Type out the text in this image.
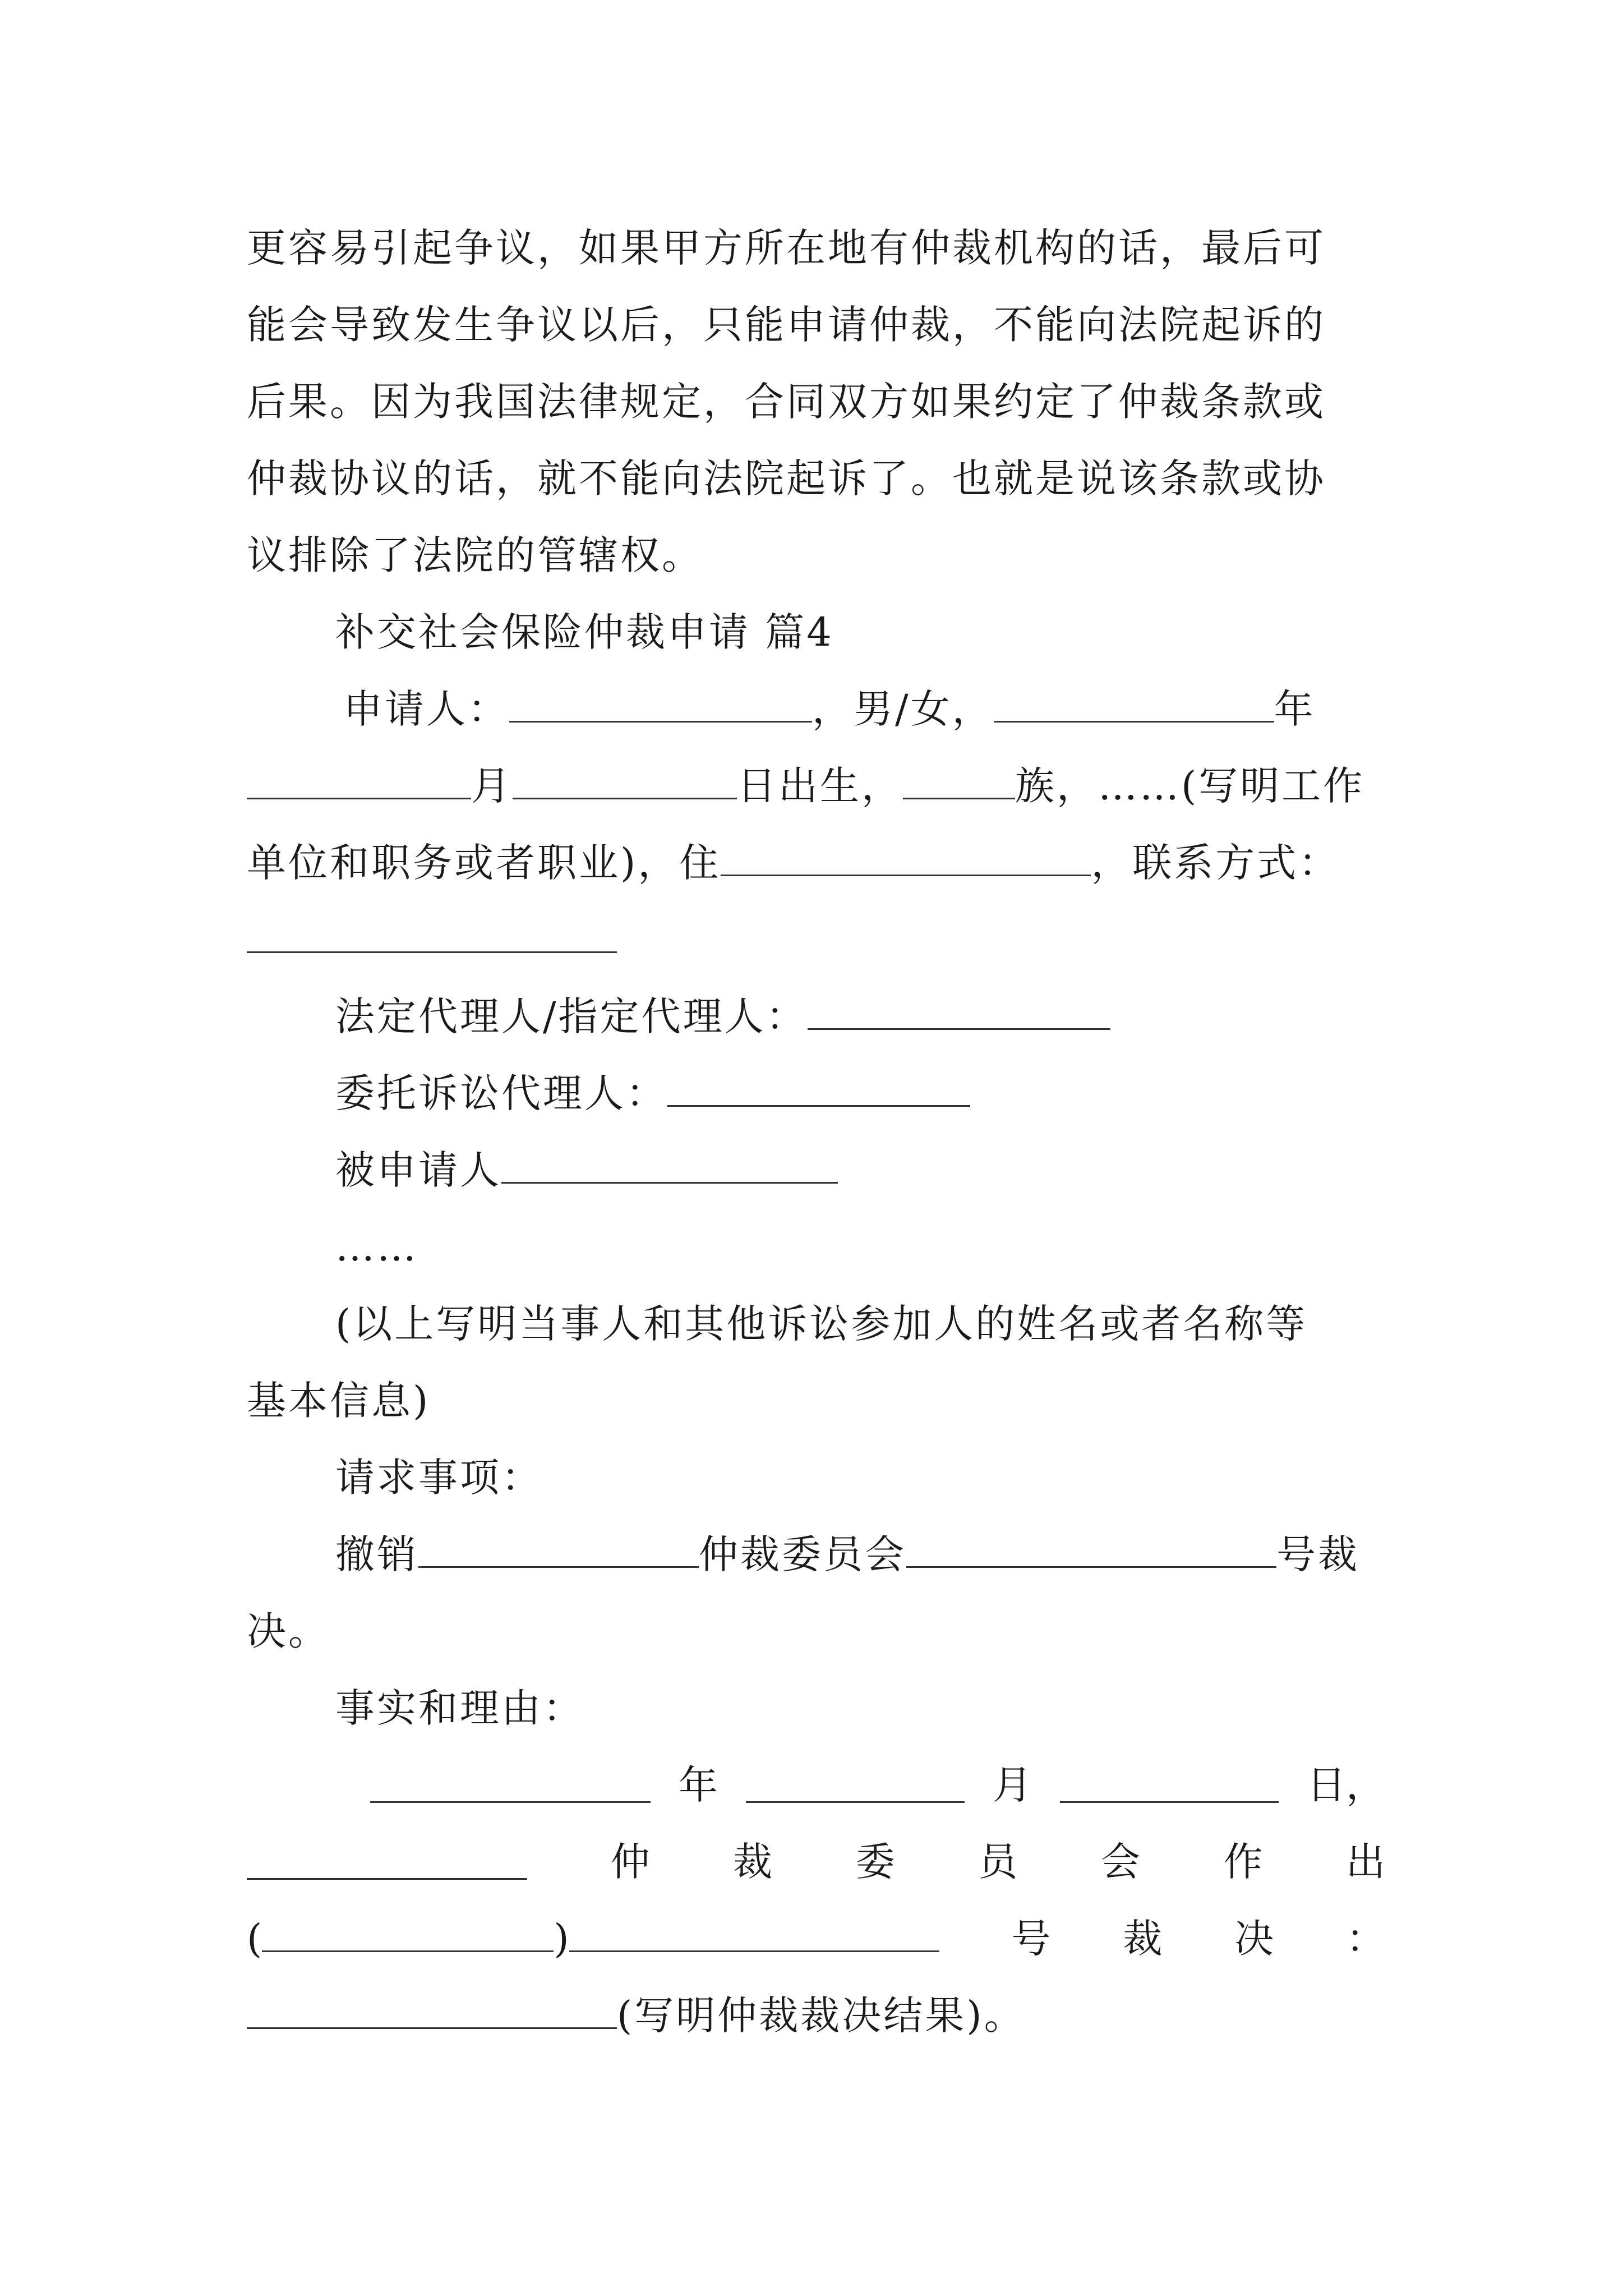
更容易引起争议，如果甲方所在地有仲裁机构的话，最后可
能会导致发生争议以后，只能申请仲裁，不能向法院起诉的
后果。因为我国法律规定，合同双方如果约定了仲裁条款或
仲裁协议的话，就不能向法院起诉了。也就是说该条款或协
议排除了法院的管辖权。
补交社会保险仲裁申请 篇4
申请人：	，男/女，	年
月	日出生，	族，……(写明工作
单位和职务或者职业)，住	，联系方式：
法定代理人/指定代理人：
委托诉讼代理人：
被申请人
……
(以上写明当事人和其他诉讼参加人的姓名或者名称等
基本信息)
请求事项：
撤销	仲裁委员会	号裁
决。
事实和理由：
年	月	日，
仲 裁 委 员 会 作 出
(	)	号 裁 决 ：
(写明仲裁裁决结果)。
